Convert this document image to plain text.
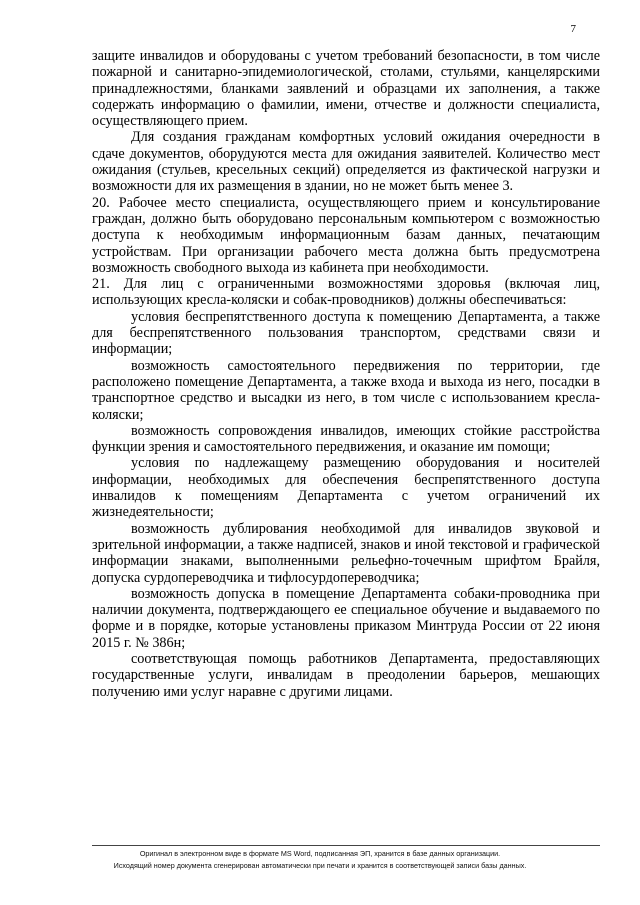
7

защите инвалидов и оборудованы с учетом требований безопасности, в том числе пожарной и санитарно-эпидемиологической, столами, стульями, канцелярскими принадлежностями, бланками заявлений и образцами их заполнения, а также содержать информацию о фамилии, имени, отчестве и должности специалиста, осуществляющего прием.

Для создания гражданам комфортных условий ожидания очередности в сдаче документов, оборудуются места для ожидания заявителей. Количество мест ожидания (стульев, кресельных секций) определяется из фактической нагрузки и возможности для их размещения в здании, но не может быть менее 3.

20. Рабочее место специалиста, осуществляющего прием и консультирование граждан, должно быть оборудовано персональным компьютером с возможностью доступа к необходимым информационным базам данных, печатающим устройствам. При организации рабочего места должна быть предусмотрена возможность свободного выхода из кабинета при необходимости.

21. Для лиц с ограниченными возможностями здоровья (включая лиц, использующих кресла-коляски и собак-проводников) должны обеспечиваться:

условия беспрепятственного доступа к помещению Департамента, а также для беспрепятственного пользования транспортом, средствами связи и информации;

возможность самостоятельного передвижения по территории, где расположено помещение Департамента, а также входа и выхода из него, посадки в транспортное средство и высадки из него, в том числе с использованием кресла-коляски;

возможность сопровождения инвалидов, имеющих стойкие расстройства функции зрения и самостоятельного передвижения, и оказание им помощи;

условия по надлежащему размещению оборудования и носителей информации, необходимых для обеспечения беспрепятственного доступа инвалидов к помещениям Департамента с учетом ограничений их жизнедеятельности;

возможность дублирования необходимой для инвалидов звуковой и зрительной информации, а также надписей, знаков и иной текстовой и графической информации знаками, выполненными рельефно-точечным шрифтом Брайля, допуска сурдопереводчика и тифлосурдопереводчика;

возможность допуска в помещение Департамента собаки-проводника при наличии документа, подтверждающего ее специальное обучение и выдаваемого по форме и в порядке, которые установлены приказом Минтруда России от 22 июня 2015 г. № 386н;

соответствующая помощь работников Департамента, предоставляющих государственные услуги, инвалидам в преодолении барьеров, мешающих получению ими услуг наравне с другими лицами.

Оригинал в электронном виде в формате MS Word, подписанная ЭП, хранится в базе данных организации.
Исходящий номер документа сгенерирован автоматически при печати и хранится в соответствующей записи базы данных.
